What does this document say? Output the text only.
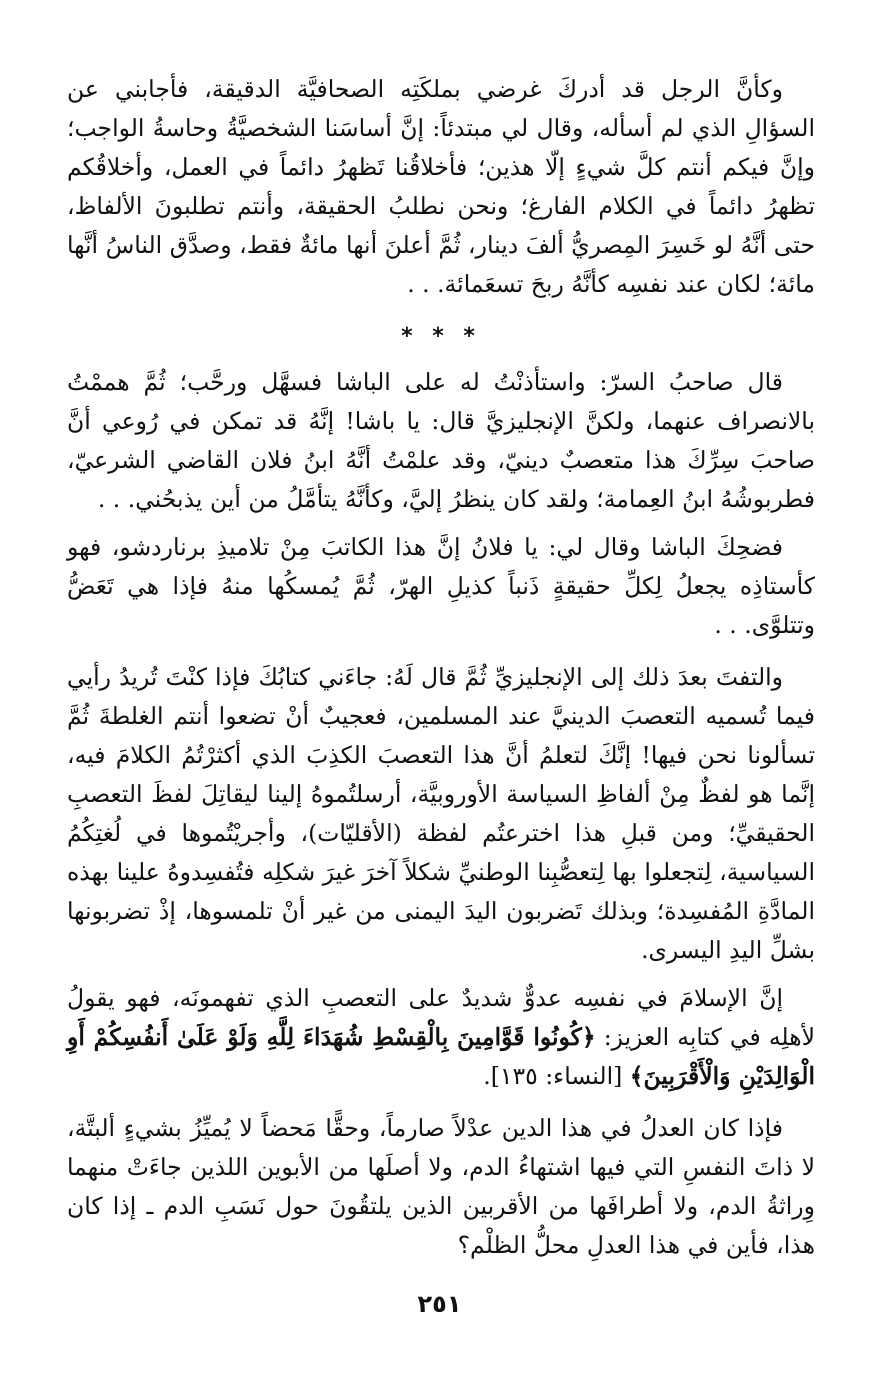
وكأنَّ الرجل قد أدركَ غرضي بملكَتِه الصحافيَّة الدقيقة، فأجابني عن السؤالِ الذي لم أسأله، وقال لي مبتدئاً: إنَّ أساسَنا الشخصيَّةُ وحاسةُ الواجب؛ وإنَّ فيكم أنتم كلَّ شيءٍ إلّا هذين؛ فأخلاقُنا تَظهرُ دائماً في العمل، وأخلاقُكم تظهرُ دائماً في الكلام الفارغ؛ ونحن نطلبُ الحقيقة، وأنتم تطلبونَ الألفاظ، حتى أنَّهُ لو خَسِرَ المِصريُّ ألفَ دينار، ثُمَّ أعلنَ أنها مائةٌ فقط، وصدَّق الناسُ أنَّها مائة؛ لكان عند نفسِه كأنَّهُ ربحَ تسعَمائة. . .

* * *

قال صاحبُ السرّ: واستأذنْتُ له على الباشا فسهَّل ورحَّب؛ ثُمَّ هممْتُ بالانصراف عنهما، ولكنَّ الإنجليزيَّ قال: يا باشا! إنَّهُ قد تمكن في رُوعي أنَّ صاحبَ سِرِّكَ هذا متعصبٌ دينيّ، وقد علمْتُ أنَّهُ ابنُ فلان القاضي الشرعيّ، فطربوشُهُ ابنُ العِمامة؛ ولقد كان ينظرُ إليَّ، وكأنَّهُ يتأمَّلُ من أين يذبحُني. . .

فضحِكَ الباشا وقال لي: يا فلانُ إنَّ هذا الكاتبَ مِنْ تلاميذِ برناردشو، فهو كأستاذِه يجعلُ لِكلِّ حقيقةٍ ذَنباً كذيلِ الهرّ، ثُمَّ يُمسكُها منهُ فإذا هي تَعَضُّ وتتلوَّى. . .

والتفتَ بعدَ ذلك إلى الإنجليزيِّ ثُمَّ قال لَهُ: جاءَني كتابُكَ فإذا كنْتَ تُريدُ رأيي فيما تُسميه التعصبَ الدينيَّ عند المسلمين، فعجيبٌ أنْ تضعوا أنتم الغلطةَ ثُمَّ تسألونا نحن فيها! إنَّكَ لتعلمُ أنَّ هذا التعصبَ الكذِبَ الذي أكثرْتُمُ الكلامَ فيه، إنَّما هو لفظٌ مِنْ ألفاظِ السياسة الأوروبيَّة، أرسلتُموهُ إلينا ليقاتِلَ لفظَ التعصبِ الحقيقيِّ؛ ومن قبلِ هذا اخترعتُم لفظة (الأقليّات)، وأجريْتُموها في لُغتِكُمُ السياسية، لِتجعلوا بها لِتعصُّبِنا الوطنيِّ شكلاً آخرَ غيرَ شكلِه فتُفسِدوهُ علينا بهذه المادَّةِ المُفسِدة؛ وبذلك تَضربون اليدَ اليمنى من غير أنْ تلمسوها، إذْ تضربونها بشلِّ اليدِ اليسرى.

إنَّ الإسلامَ في نفسِه عدوٌّ شديدٌ على التعصبِ الذي تفهمونَه، فهو يقولُ لأهلِه في كتابِه العزيز: ﴿كُونُوا قَوَّامِينَ بِالْقِسْطِ شُهَدَاءَ لِلَّهِ وَلَوْ عَلَىٰ أَنفُسِكُمْ أَوِ الْوَالِدَيْنِ وَالْأَقْرَبِينَ﴾ [النساء: ١٣٥].

فإذا كان العدلُ في هذا الدين عدْلاً صارماً، وحقًّا مَحضاً لا يُميِّزُ بشيءٍ ألبتَّة، لا ذاتَ النفسِ التي فيها اشتهاءُ الدم، ولا أصلَها من الأبوين اللذين جاءَتْ منهما وِراثةُ الدم، ولا أطرافَها من الأقربين الذين يلتقُونَ حول نَسَبِ الدم ـ إذا كان هذا، فأين في هذا العدلِ محلُّ الظلْم؟

٢٥١
